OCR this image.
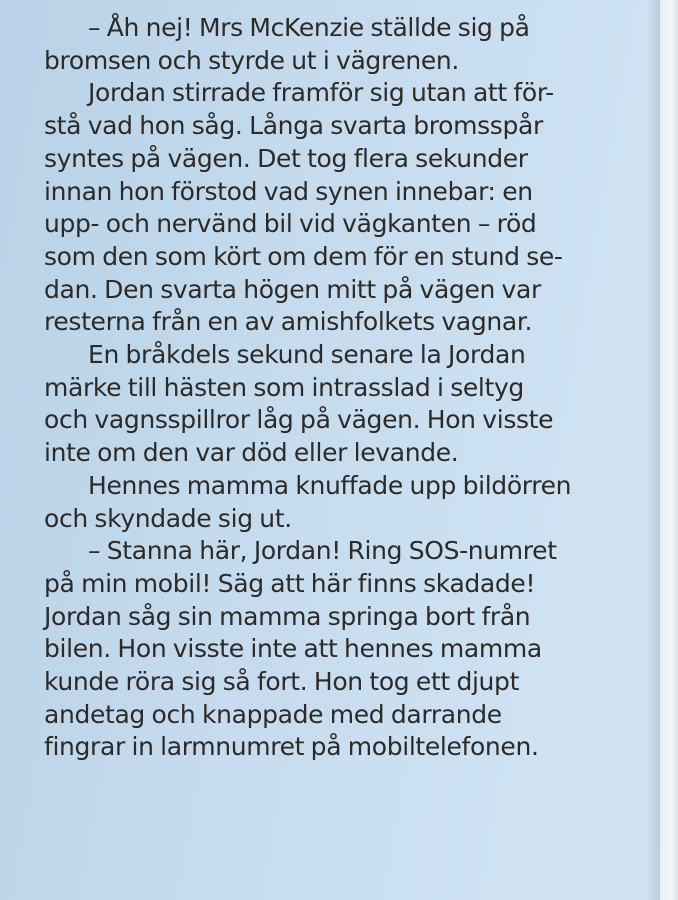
– Åh nej! Mrs McKenzie ställde sig på
bromsen och styrde ut i vägrenen.
Jordan stirrade framför sig utan att för-
stå vad hon såg. Långa svarta bromsspår
syntes på vägen. Det tog flera sekunder
innan hon förstod vad synen innebar: en
upp- och nervänd bil vid vägkanten – röd
som den som kört om dem för en stund se-
dan. Den svarta högen mitt på vägen var
resterna från en av amishfolkets vagnar.
En bråkdels sekund senare la Jordan
märke till hästen som intrasslad i seltyg
och vagnsspillror låg på vägen. Hon visste
inte om den var död eller levande.
Hennes mamma knuffade upp bildörren
och skyndade sig ut.
– Stanna här, Jordan! Ring SOS-numret
på min mobil! Säg att här finns skadade!
Jordan såg sin mamma springa bort från
bilen. Hon visste inte att hennes mamma
kunde röra sig så fort. Hon tog ett djupt
andetag och knappade med darrande
fingrar in larmnumret på mobiltelefonen.
